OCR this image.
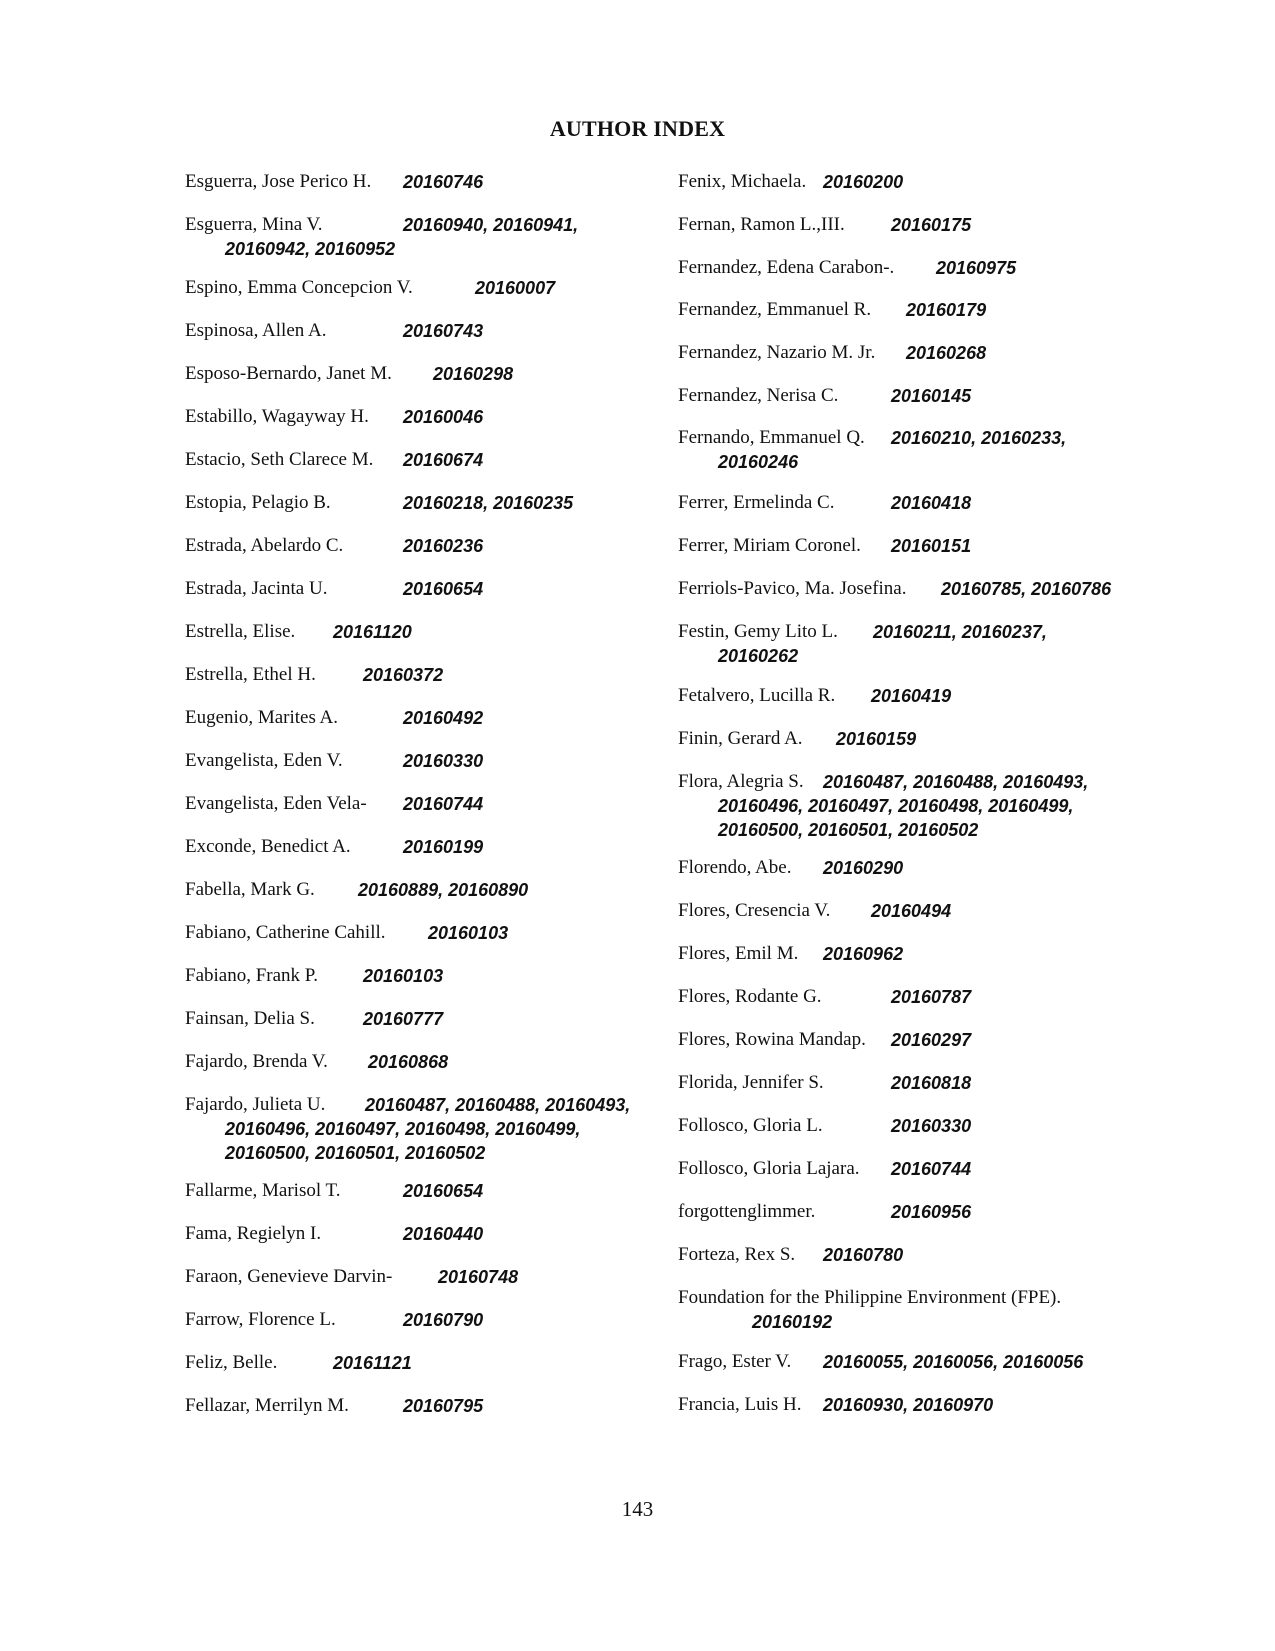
AUTHOR INDEX
Esguerra, Jose Perico H. 20160746
Esguerra, Mina V.	20160940, 20160941,
20160942, 20160952
Espino, Emma Concepcion V.	20160007
Espinosa, Allen A.	20160743
Esposo-Bernardo, Janet M. 20160298
Estabillo, Wagayway H. 20160046
Estacio, Seth Clarece M. 20160674
Estopia, Pelagio B.	20160218, 20160235
Estrada, Abelardo C.	20160236
Estrada, Jacinta U.	20160654
Estrella, Elise. 20161120
Estrella, Ethel H.	20160372
Eugenio, Marites A.	20160492
Evangelista, Eden V.	20160330
Evangelista, Eden Vela- 20160744
Exconde, Benedict A.	20160199
Fabella, Mark G. 20160889, 20160890
Fabiano, Catherine Cahill. 20160103
Fabiano, Frank P.	20160103
Fainsan, Delia S.	20160777
Fajardo, Brenda V. 20160868
Fajardo, Julieta U. 20160487, 20160488, 20160493,
20160496, 20160497, 20160498, 20160499,
20160500, 20160501, 20160502
Fallarme, Marisol T.	20160654
Fama, Regielyn I.	20160440
Faraon, Genevieve Darvin-	20160748
Farrow, Florence L.	20160790
Feliz, Belle.	20161121
Fellazar, Merrilyn M.	20160795
Fenix, Michaela. 20160200
Fernan, Ramon L.,III.	20160175
Fernandez, Edena Carabon-. 20160975
Fernandez, Emmanuel R. 20160179
Fernandez, Nazario M. Jr. 20160268
Fernandez, Nerisa C.	20160145
Fernando, Emmanuel Q. 20160210, 20160233,
20160246
Ferrer, Ermelinda C.	20160418
Ferrer, Miriam Coronel. 20160151
Ferriols-Pavico, Ma. Josefina. 20160785, 20160786
Festin, Gemy Lito L. 20160211, 20160237,
20160262
Fetalvero, Lucilla R. 20160419
Finin, Gerard A. 20160159
Flora, Alegria S. 20160487, 20160488, 20160493,
20160496, 20160497, 20160498, 20160499,
20160500, 20160501, 20160502
Florendo, Abe. 20160290
Flores, Cresencia V. 20160494
Flores, Emil M. 20160962
Flores, Rodante G.	20160787
Flores, Rowina Mandap. 20160297
Florida, Jennifer S.	20160818
Follosco, Gloria L.	20160330
Follosco, Gloria Lajara. 20160744
forgottenglimmer.	20160956
Forteza, Rex S. 20160780
Foundation for the Philippine Environment (FPE).
20160192
Frago, Ester V. 20160055, 20160056, 20160056
Francia, Luis H. 20160930, 20160970
143
